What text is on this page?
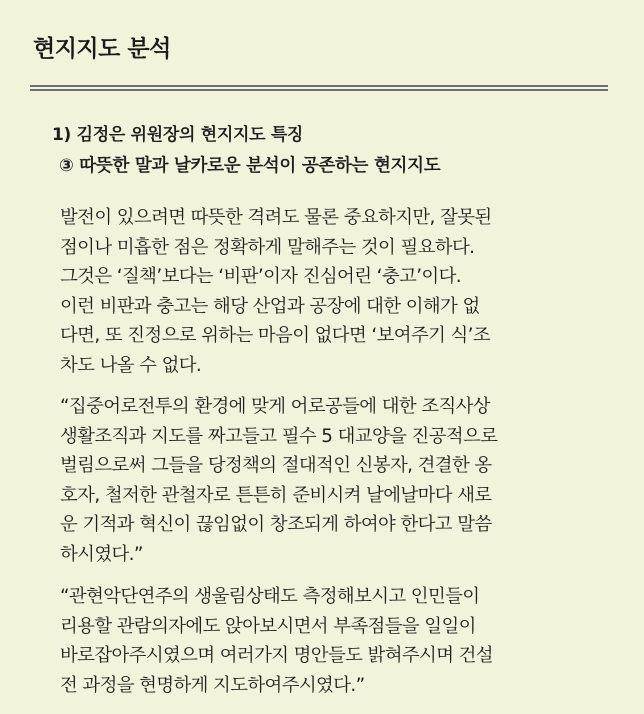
현지지도 분석
1) 김정은 위원장의 현지지도 특징
③ 따뜻한 말과 날카로운 분석이 공존하는 현지지도

발전이 있으려면 따뜻한 격려도 물론 중요하지만, 잘못된
점이나 미흡한 점은 정확하게 말해주는 것이 필요하다.
그것은 ‘질책’보다는 ‘비판’이자 진심어린 ‘충고’이다.
이런 비판과 충고는 해당 산업과 공장에 대한 이해가 없
다면, 또 진정으로 위하는 마음이 없다면 ‘보여주기 식’조
차도 나올 수 없다.

“집중어로전투의 환경에 맞게 어로공들에 대한 조직사상
생활조직과 지도를 짜고들고 필수 5 대교양을 진공적으로
벌림으로써 그들을 당정책의 절대적인 신봉자, 견결한 옹
호자, 철저한 관철자로 튼튼히 준비시켜 날에날마다 새로
운 기적과 혁신이 끊임없이 창조되게 하여야 한다고 말씀
하시였다.”

“관현악단연주의 생울림상태도 측정해보시고 인민들이
리용할 관람의자에도 앉아보시면서 부족점들을 일일이
바로잡아주시였으며 여러가지 명안들도 밝혀주시며 건설
전 과정을 현명하게 지도하여주시였다.”
